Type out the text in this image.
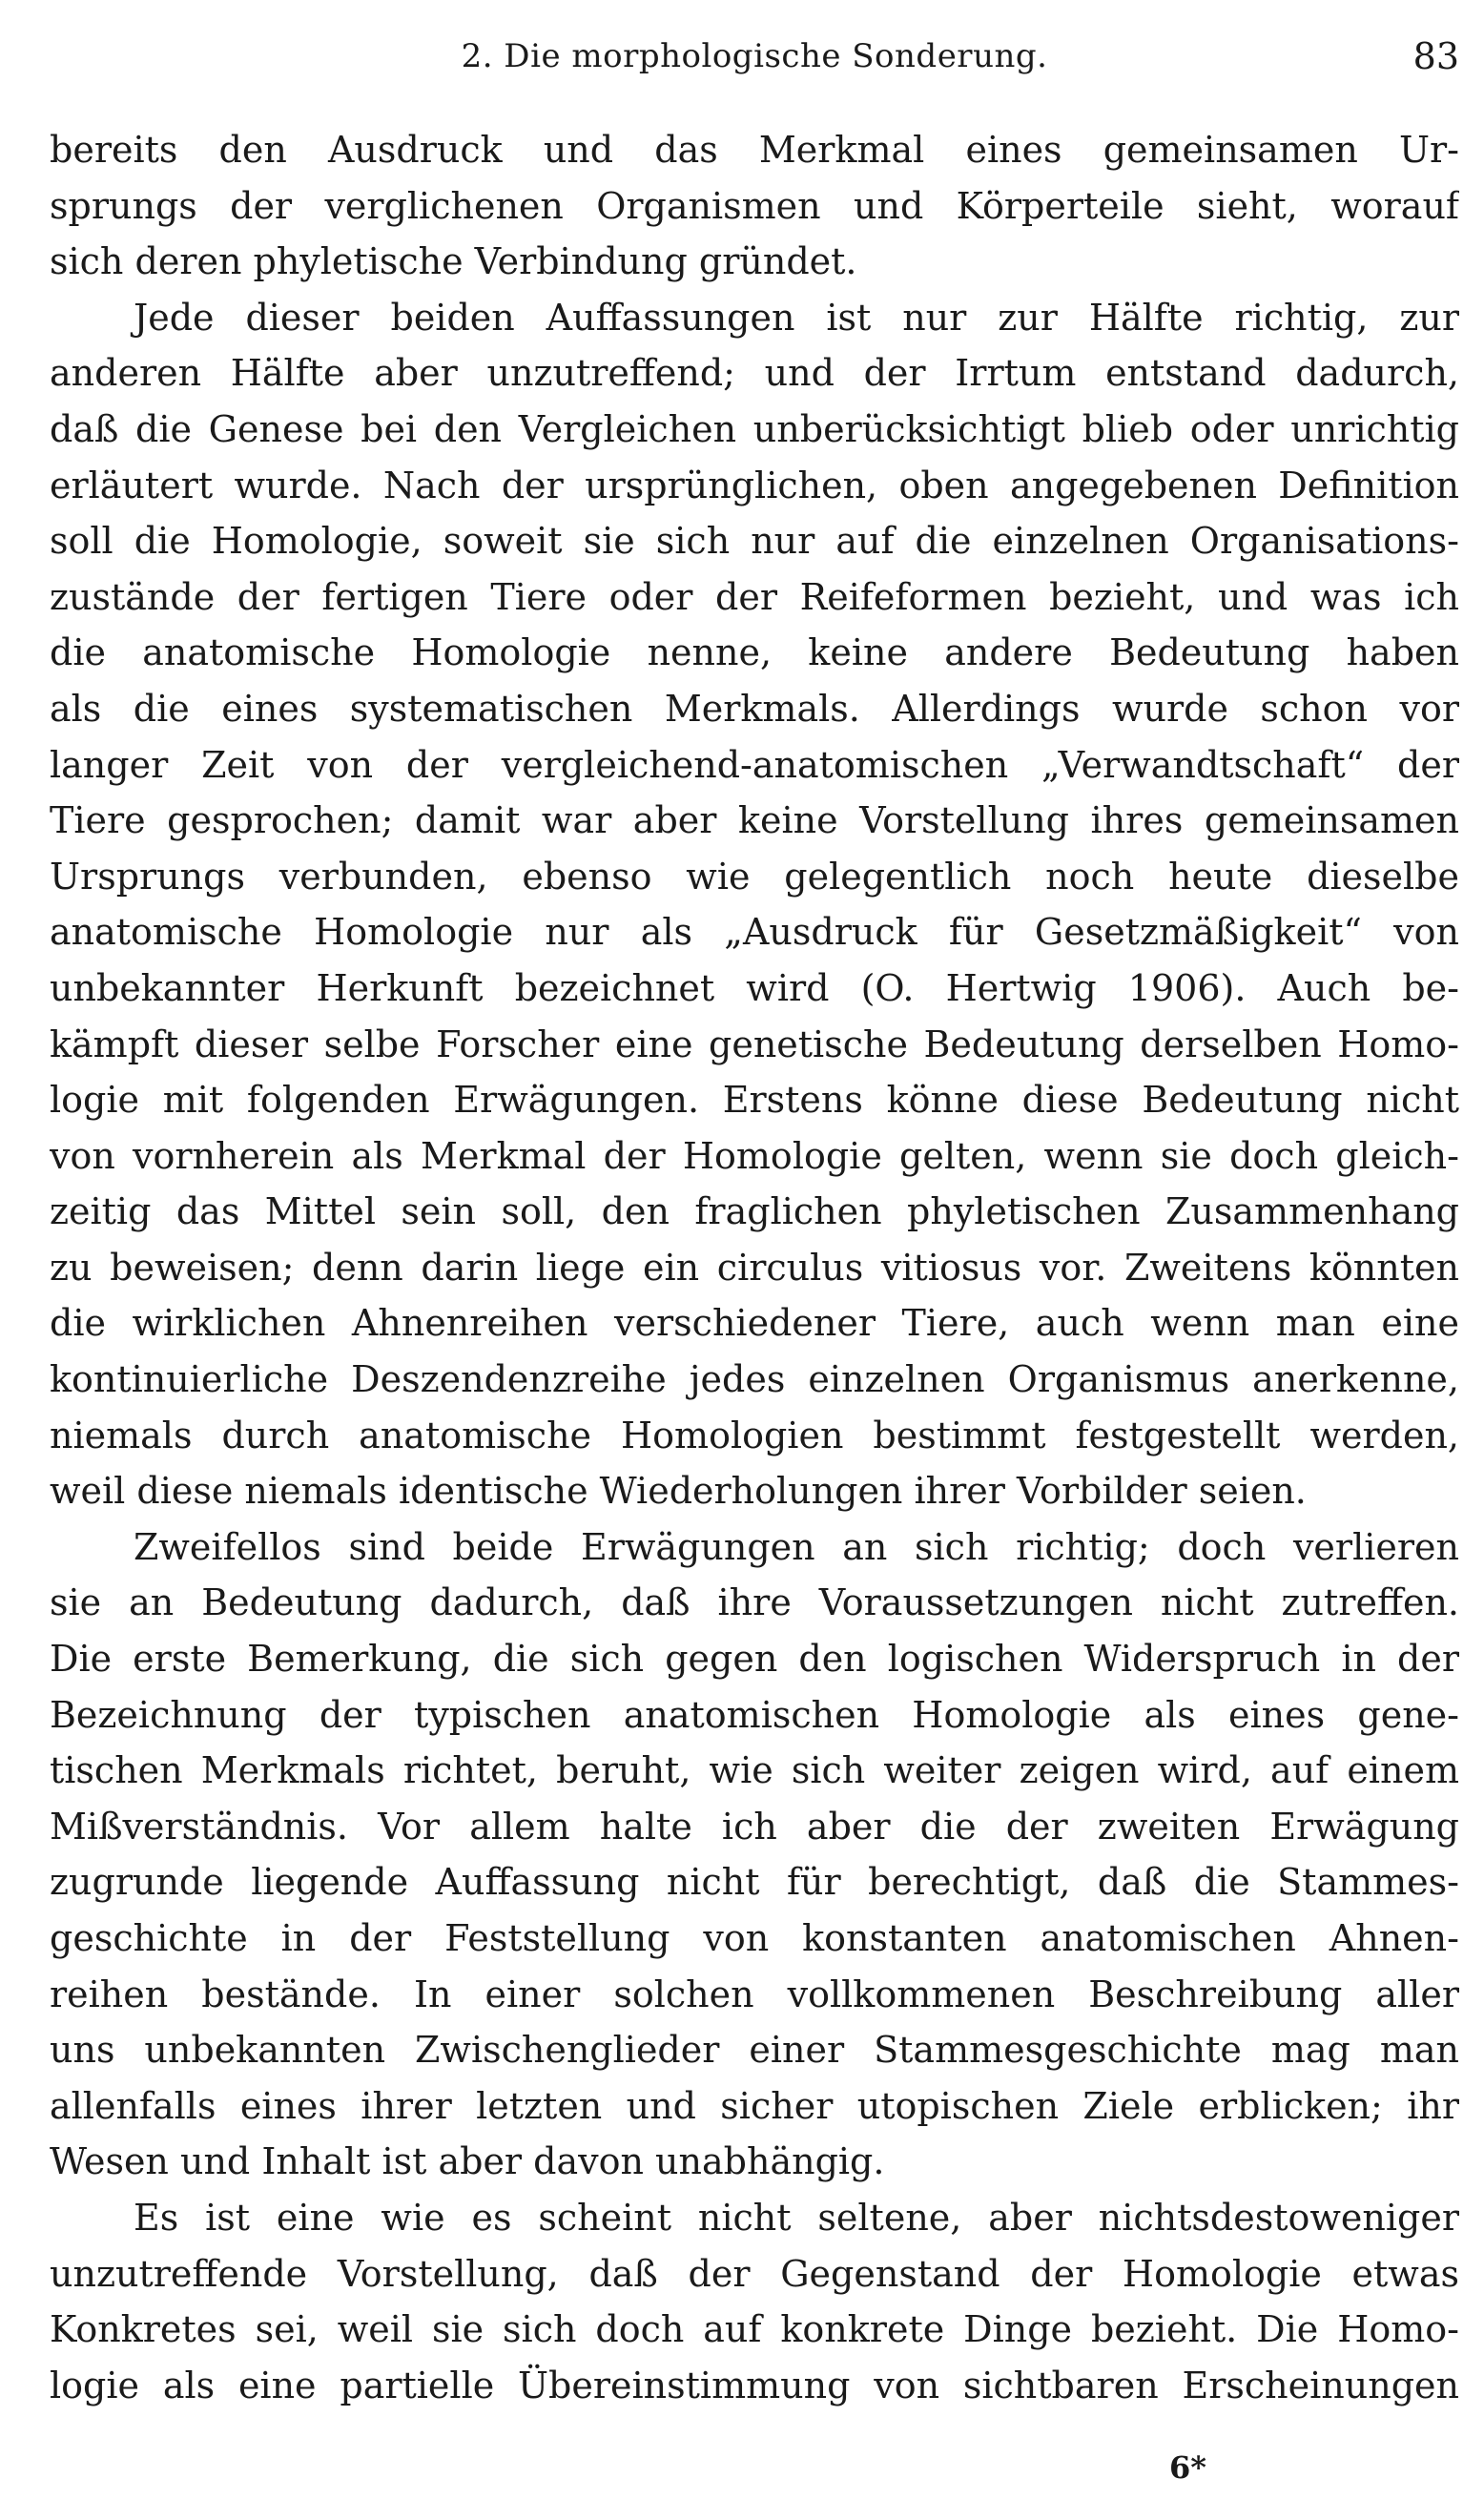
2. Die morphologische Sonderung.	83
bereits den Ausdruck und das Merkmal eines gemeinsamen Ur-
sprungs der verglichenen Organismen und Körperteile sieht, worauf
sich deren phyletische Verbindung gründet.
Jede dieser beiden Auffassungen ist nur zur Hälfte richtig, zur
anderen Hälfte aber unzutreffend; und der Irrtum entstand dadurch,
daß die Genese bei den Vergleichen unberücksichtigt blieb oder unrichtig
erläutert wurde. Nach der ursprünglichen, oben angegebenen Definition
soll die Homologie, soweit sie sich nur auf die einzelnen Organisations-
zustände der fertigen Tiere oder der Reifeformen bezieht, und was ich
die anatomische Homologie nenne, keine andere Bedeutung haben
als die eines systematischen Merkmals. Allerdings wurde schon vor
langer Zeit von der vergleichend-anatomischen „Verwandtschaft“ der
Tiere gesprochen; damit war aber keine Vorstellung ihres gemeinsamen
Ursprungs verbunden, ebenso wie gelegentlich noch heute dieselbe
anatomische Homologie nur als „Ausdruck für Gesetzmäßigkeit“ von
unbekannter Herkunft bezeichnet wird (O. Hertwig 1906). Auch be-
kämpft dieser selbe Forscher eine genetische Bedeutung derselben Homo-
logie mit folgenden Erwägungen. Erstens könne diese Bedeutung nicht
von vornherein als Merkmal der Homologie gelten, wenn sie doch gleich-
zeitig das Mittel sein soll, den fraglichen phyletischen Zusammenhang
zu beweisen; denn darin liege ein circulus vitiosus vor. Zweitens könnten
die wirklichen Ahnenreihen verschiedener Tiere, auch wenn man eine
kontinuierliche Deszendenzreihe jedes einzelnen Organismus anerkenne,
niemals durch anatomische Homologien bestimmt festgestellt werden,
weil diese niemals identische Wiederholungen ihrer Vorbilder seien.
Zweifellos sind beide Erwägungen an sich richtig; doch verlieren
sie an Bedeutung dadurch, daß ihre Voraussetzungen nicht zutreffen.
Die erste Bemerkung, die sich gegen den logischen Widerspruch in der
Bezeichnung der typischen anatomischen Homologie als eines gene-
tischen Merkmals richtet, beruht, wie sich weiter zeigen wird, auf einem
Mißverständnis. Vor allem halte ich aber die der zweiten Erwägung
zugrunde liegende Auffassung nicht für berechtigt, daß die Stammes-
geschichte in der Feststellung von konstanten anatomischen Ahnen-
reihen bestände. In einer solchen vollkommenen Beschreibung aller
uns unbekannten Zwischenglieder einer Stammesgeschichte mag man
allenfalls eines ihrer letzten und sicher utopischen Ziele erblicken; ihr
Wesen und Inhalt ist aber davon unabhängig.
Es ist eine wie es scheint nicht seltene, aber nichtsdestoweniger
unzutreffende Vorstellung, daß der Gegenstand der Homologie etwas
Konkretes sei, weil sie sich doch auf konkrete Dinge bezieht. Die Homo-
logie als eine partielle Übereinstimmung von sichtbaren Erscheinungen
6*
